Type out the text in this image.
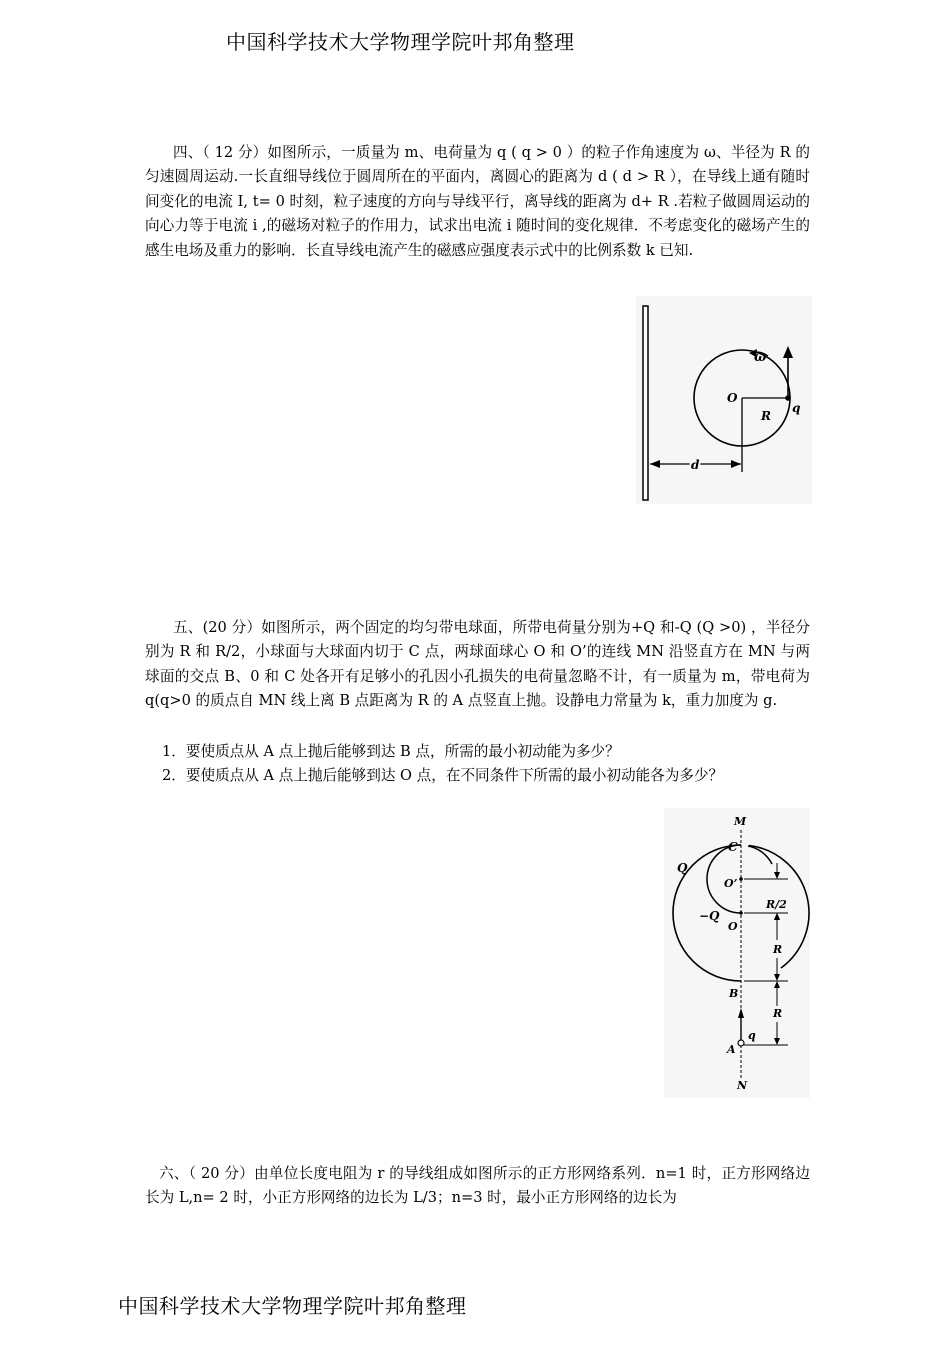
中国科学技术大学物理学院叶邦角整理
四、（ 12 分）如图所示，一质量为 m、电荷量为 q ( q > 0 ）的粒子作角速度为 ω、半径为 R 的匀速圆周运动.一长直细导线位于圆周所在的平面内，离圆心的距离为 d ( d > R ），在导线上通有随时间变化的电流 I, t= 0 时刻，粒子速度的方向与导线平行，离导线的距离为 d+ R .若粒子做圆周运动的向心力等于电流 i ,的磁场对粒子的作用力，试求出电流 i 随时间的变化规律．不考虑变化的磁场产生的感生电场及重力的影响．长直导线电流产生的磁感应强度表示式中的比例系数 k 已知.
ω
O
R
q
d
五、(20 分）如图所示，两个固定的均匀带电球面，所带电荷量分别为+Q 和-Q (Q >0) ，半径分别为 R 和 R/2，小球面与大球面内切于 C 点，两球面球心 O 和 O’的连线 MN 沿竖直方在 MN 与两球面的交点 B、0 和 C 处各开有足够小的孔因小孔损失的电荷量忽略不计，有一质量为 m，带电荷为 q(q>0 的质点自 MN 线上离 B 点距离为 R 的 A 点竖直上抛。设静电力常量为 k，重力加度为 g.
1．要使质点从 A 点上抛后能够到达 B 点，所需的最小初动能为多少？
2．要使质点从 A 点上抛后能够到达 O 点，在不同条件下所需的最小初动能各为多少？
M
C
Q
O’
R/2
−Q
O
R
B
R
q
A
N
六、（ 20 分）由单位长度电阻为 r 的导线组成如图所示的正方形网络系列．n=1 时，正方形网络边长为 L,n= 2 时，小正方形网络的边长为 L/3；n=3 时，最小正方形网络的边长为
中国科学技术大学物理学院叶邦角整理
